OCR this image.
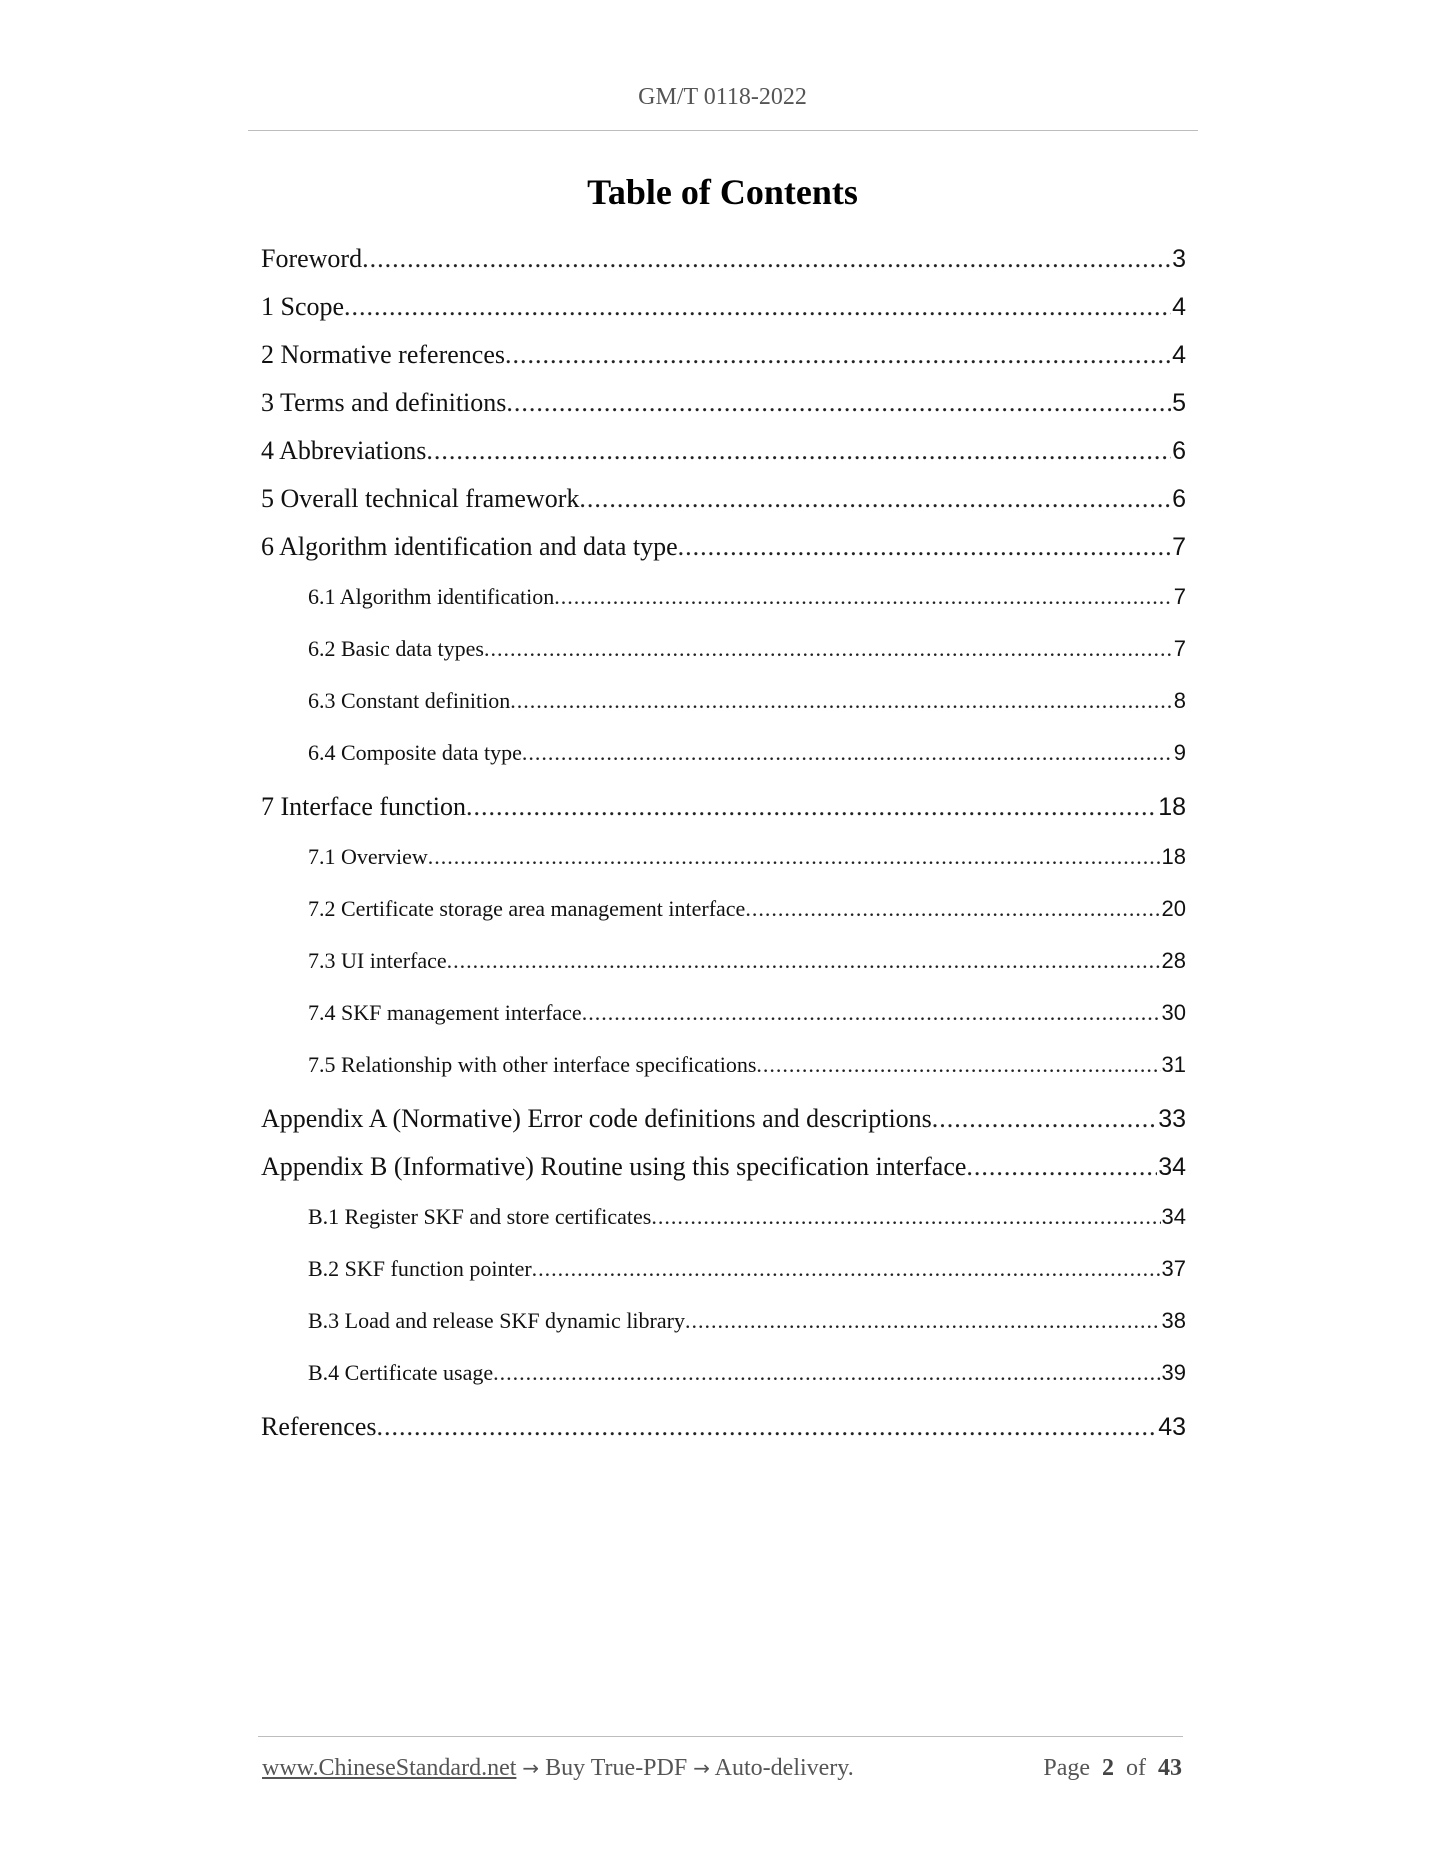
GM/T 0118-2022
Table of Contents
Foreword .....	3
1 Scope .....	4
2 Normative references .....	4
3 Terms and definitions .....	5
4 Abbreviations .....	6
5 Overall technical framework .....	6
6 Algorithm identification and data type .....	7
6.1 Algorithm identification .....	7
6.2 Basic data types .....	7
6.3 Constant definition .....	8
6.4 Composite data type .....	9
7 Interface function .....	18
7.1 Overview .....	18
7.2 Certificate storage area management interface .....	20
7.3 UI interface .....	28
7.4 SKF management interface .....	30
7.5 Relationship with other interface specifications .....	31
Appendix A (Normative) Error code definitions and descriptions .....	33
Appendix B (Informative) Routine using this specification interface .....	34
B.1 Register SKF and store certificates .....	34
B.2 SKF function pointer .....	37
B.3 Load and release SKF dynamic library .....	38
B.4 Certificate usage .....	39
References .....	43
www.ChineseStandard.net → Buy True-PDF → Auto-delivery.	Page 2 of 43
